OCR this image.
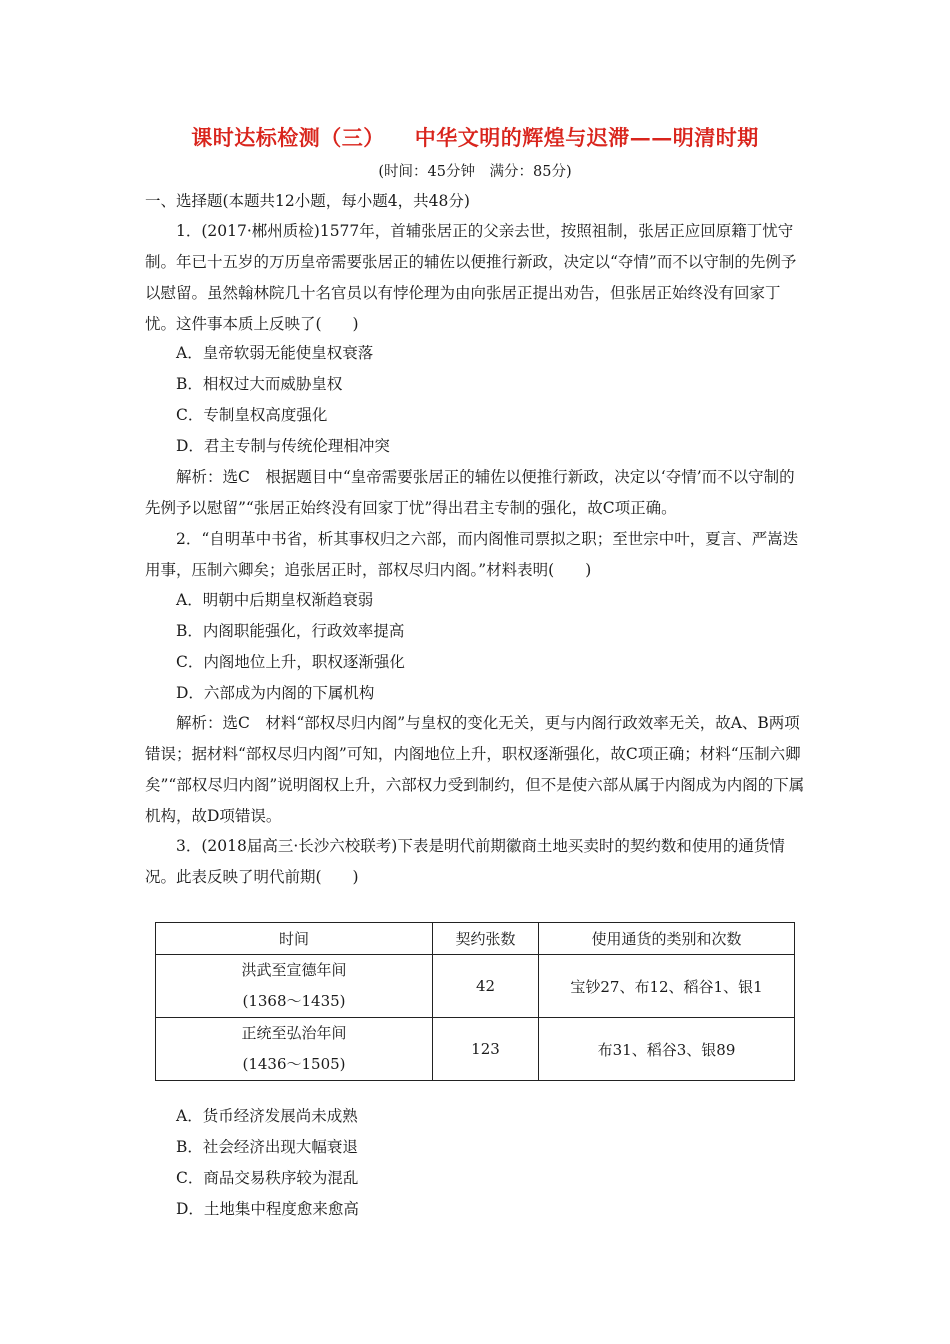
课时达标检测（三） 中华文明的辉煌与迟滞——明清时期
(时间：45分钟　满分：85分)
一、选择题(本题共12小题，每小题4，共48分)
1．(2017·郴州质检)1577年，首辅张居正的父亲去世，按照祖制，张居正应回原籍丁忧守制。年已十五岁的万历皇帝需要张居正的辅佐以便推行新政，决定以“夺情”而不以守制的先例予以慰留。虽然翰林院几十名官员以有悖伦理为由向张居正提出劝告，但张居正始终没有回家丁忧。这件事本质上反映了(　　)
A．皇帝软弱无能使皇权衰落
B．相权过大而威胁皇权
C．专制皇权高度强化
D．君主专制与传统伦理相冲突
解析：选C　根据题目中“皇帝需要张居正的辅佐以便推行新政，决定以‘夺情’而不以守制的先例予以慰留”“张居正始终没有回家丁忧”得出君主专制的强化，故C项正确。
2．“自明革中书省，析其事权归之六部，而内阁惟司票拟之职；至世宗中叶，夏言、严嵩迭用事，压制六卿矣；追张居正时，部权尽归内阁。”材料表明(　　)
A．明朝中后期皇权渐趋衰弱
B．内阁职能强化，行政效率提高
C．内阁地位上升，职权逐渐强化
D．六部成为内阁的下属机构
解析：选C　材料“部权尽归内阁”与皇权的变化无关，更与内阁行政效率无关，故A、B两项错误；据材料“部权尽归内阁”可知，内阁地位上升，职权逐渐强化，故C项正确；材料“压制六卿矣”“部权尽归内阁”说明阁权上升，六部权力受到制约，但不是使六部从属于内阁成为内阁的下属机构，故D项错误。
3．(2018届高三·长沙六校联考)下表是明代前期徽商土地买卖时的契约数和使用的通货情况。此表反映了明代前期(　　)
时间	契约张数	使用通货的类别和次数

洪武至宣德年间
(1368～1435)	42	宝钞27、布12、稻谷1、银1

正统至弘治年间
(1436～1505)	123	布31、稻谷3、银89
A．货币经济发展尚未成熟
B．社会经济出现大幅衰退
C．商品交易秩序较为混乱
D．土地集中程度愈来愈高
